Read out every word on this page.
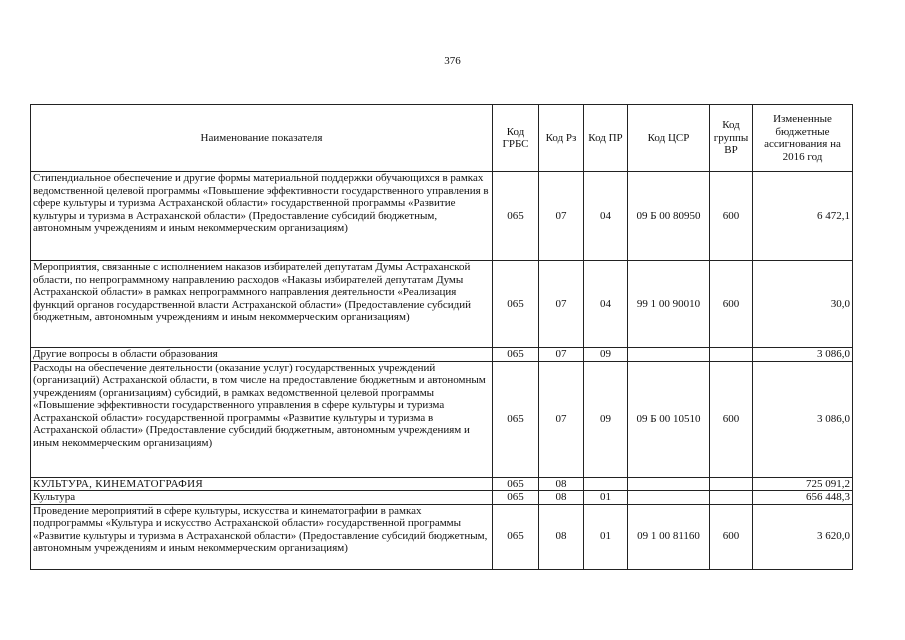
376
Наименование показателя	Код ГРБС	Код Рз	Код ПР	Код ЦСР	Код группы ВР	Измененные бюджетные ассигнования на 2016 год
Стипендиальное обеспечение и другие формы материальной поддержки обучающихся в рамках ведомственной целевой программы «Повышение эффективности государственного управления в сфере культуры и туризма Астраханской области» государственной программы «Развитие культуры и туризма в Астраханской области» (Предоставление субсидий бюджетным, автономным учреждениям и иным некоммерческим организациям)	065	07	04	09 Б 00 80950	600	6 472,1
Мероприятия, связанные с исполнением наказов избирателей депутатам Думы Астраханской области, по непрограммному направлению расходов «Наказы избирателей депутатам Думы Астраханской области» в рамках непрограммного направления деятельности «Реализация функций органов государственной власти Астраханской области» (Предоставление субсидий бюджетным, автономным учреждениям и иным некоммерческим организациям)	065	07	04	99 1 00 90010	600	30,0
Другие вопросы в области образования	065	07	09			3 086,0
Расходы на обеспечение деятельности (оказание услуг) государственных учреждений (организаций) Астраханской области, в том числе на предоставление бюджетным и автономным учреждениям (организациям) субсидий, в рамках ведомственной целевой программы «Повышение эффективности государственного управления в сфере культуры и туризма Астраханской области» государственной программы «Развитие культуры и туризма в Астраханской области» (Предоставление субсидий бюджетным, автономным учреждениям и иным некоммерческим организациям)	065	07	09	09 Б 00 10510	600	3 086,0
КУЛЬТУРА, КИНЕМАТОГРАФИЯ	065	08				725 091,2
Культура	065	08	01			656 448,3
Проведение мероприятий в сфере культуры, искусства и кинематографии в рамках подпрограммы «Культура и искусство Астраханской области» государственной программы «Развитие культуры и туризма в Астраханской области» (Предоставление субсидий бюджетным, автономным учреждениям и иным некоммерческим организациям)	065	08	01	09 1 00 81160	600	3 620,0
